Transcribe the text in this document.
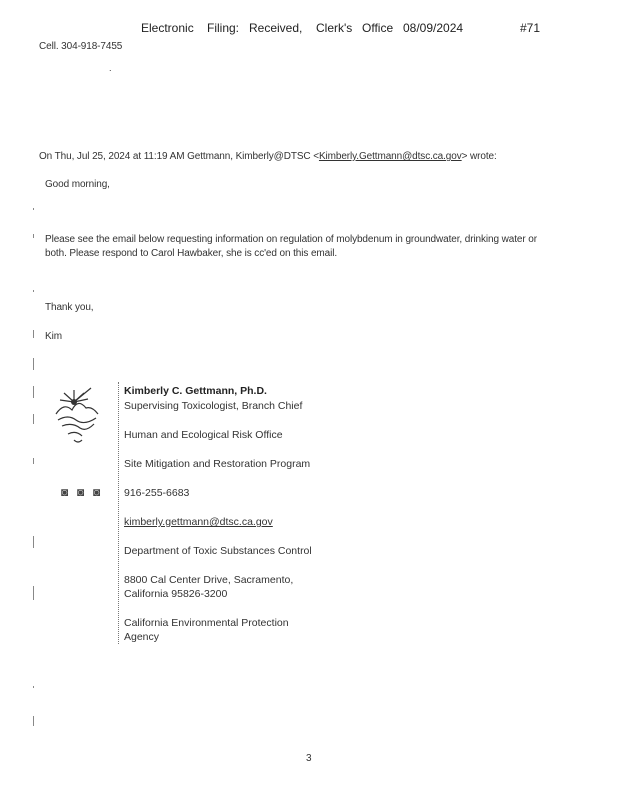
Electronic Filing: Received, Clerk's Office 08/09/2024	#71
Cell. 304-918-7455
.
On Thu, Jul 25, 2024 at 11:19 AM Gettmann, Kimberly@DTSC <Kimberly.Gettmann@dtsc.ca.gov> wrote:
Good morning,
Please see the email below requesting information on regulation of molybdenum in groundwater, drinking water or
both. Please respond to Carol Hawbaker, she is cc'ed on this email.
Thank you,
Kim
◙ ◙ ◙
Kimberly C. Gettmann, Ph.D.
Supervising Toxicologist, Branch Chief
Human and Ecological Risk Office
Site Mitigation and Restoration Program
916-255-6683
kimberly.gettmann@dtsc.ca.gov
Department of Toxic Substances Control
8800 Cal Center Drive, Sacramento,
California 95826-3200
California Environmental Protection
Agency
3
